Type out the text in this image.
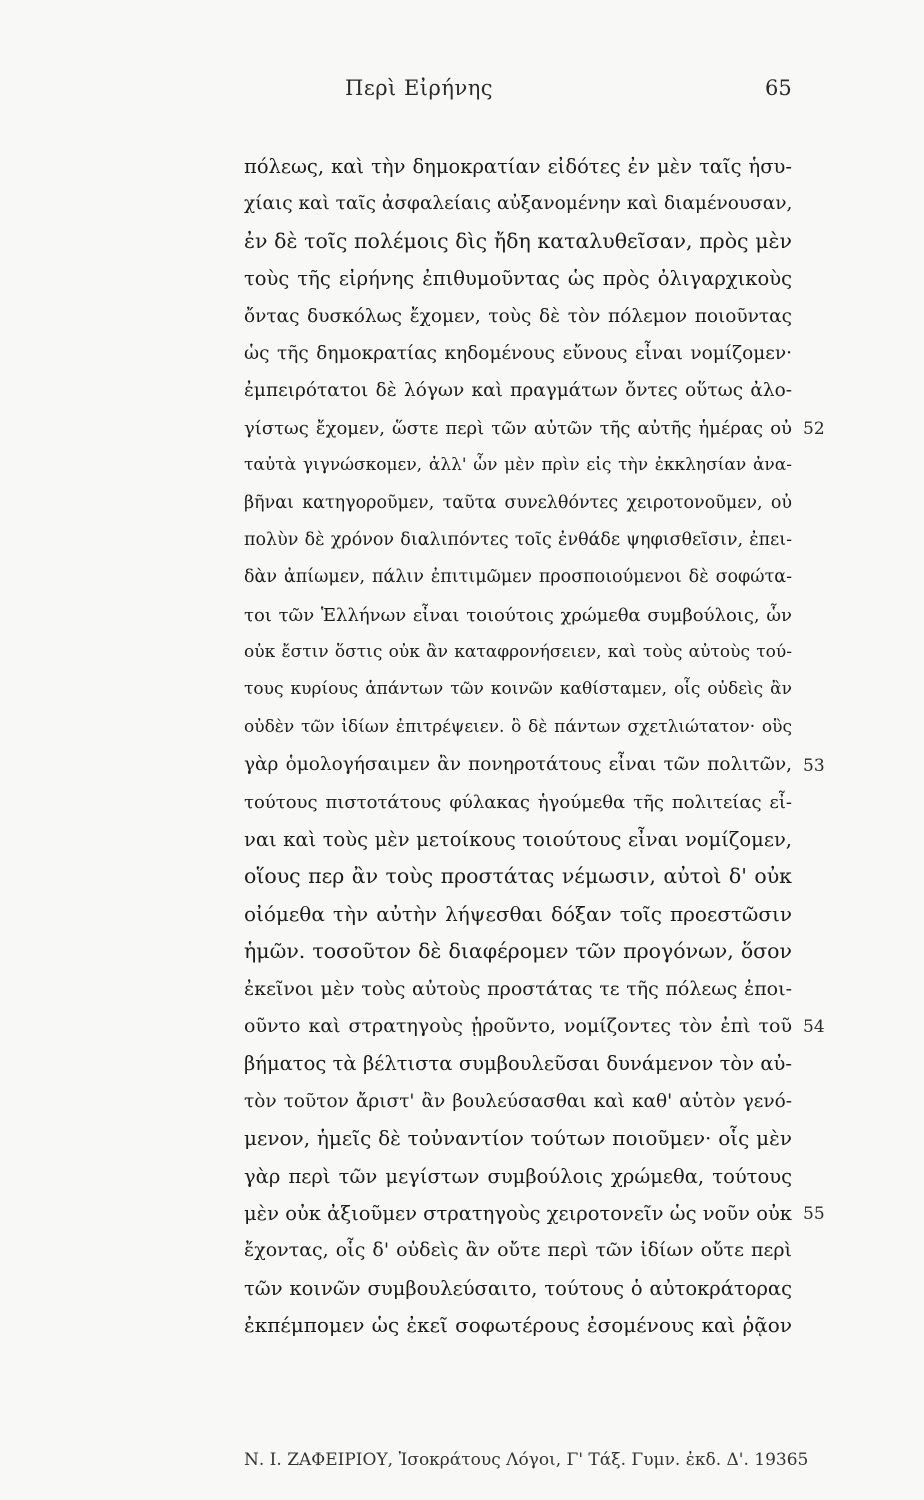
Περὶ Εἰρήνης	65
πόλεως, καὶ τὴν δημοκρατίαν εἰδότες ἐν μὲν ταῖς ἡσυ-
χίαις καὶ ταῖς ἀσφαλείαις αὐξανομένην καὶ διαμένουσαν,
ἐν δὲ τοῖς πολέμοις δὶς ἤδη καταλυθεῖσαν, πρὸς μὲν
τοὺς τῆς εἰρήνης ἐπιθυμοῦντας ὡς πρὸς ὀλιγαρχικοὺς
ὄντας δυσκόλως ἔχομεν, τοὺς δὲ τὸν πόλεμον ποιοῦντας
ὡς τῆς δημοκρατίας κηδομένους εὔνους εἶναι νομίζομεν·
ἐμπειρότατοι δὲ λόγων καὶ πραγμάτων ὄντες οὕτως ἀλο-
γίστως ἔχομεν, ὥστε περὶ τῶν αὐτῶν τῆς αὐτῆς ἡμέρας οὐ
ταὐτὰ γιγνώσκομεν, ἀλλ' ὧν μὲν πρὶν εἰς τὴν ἐκκλησίαν ἀνα-
βῆναι κατηγοροῦμεν, ταῦτα συνελθόντες χειροτονοῦμεν, οὐ
πολὺν δὲ χρόνον διαλιπόντες τοῖς ἐνθάδε ψηφισθεῖσιν, ἐπει-
δὰν ἀπίωμεν, πάλιν ἐπιτιμῶμεν προσποιούμενοι δὲ σοφώτα-
τοι τῶν Ἑλλήνων εἶναι τοιούτοις χρώμεθα συμβούλοις, ὧν
οὐκ ἔστιν ὅστις οὐκ ἂν καταφρονήσειεν, καὶ τοὺς αὐτοὺς τού-
τους κυρίους ἁπάντων τῶν κοινῶν καθίσταμεν, οἷς οὐδεὶς ἂν
οὐδὲν τῶν ἰδίων ἐπιτρέψειεν. ὃ δὲ πάντων σχετλιώτατον· οὓς
γὰρ ὁμολογήσαιμεν ἂν πονηροτάτους εἶναι τῶν πολιτῶν,
τούτους πιστοτάτους φύλακας ἡγούμεθα τῆς πολιτείας εἶ-
ναι καὶ τοὺς μὲν μετοίκους τοιούτους εἶναι νομίζομεν,
οἵους περ ἂν τοὺς προστάτας νέμωσιν, αὐτοὶ δ' οὐκ
οἰόμεθα τὴν αὐτὴν λήψεσθαι δόξαν τοῖς προεστῶσιν
ἡμῶν. τοσοῦτον δὲ διαφέρομεν τῶν προγόνων, ὅσον
ἐκεῖνοι μὲν τοὺς αὐτοὺς προστάτας τε τῆς πόλεως ἐποι-
οῦντο καὶ στρατηγοὺς ᾑροῦντο, νομίζοντες τὸν ἐπὶ τοῦ
βήματος τὰ βέλτιστα συμβουλεῦσαι δυνάμενον τὸν αὐ-
τὸν τοῦτον ἄριστ' ἂν βουλεύσασθαι καὶ καθ' αὑτὸν γενό-
μενον, ἡμεῖς δὲ τοὐναντίον τούτων ποιοῦμεν· οἷς μὲν
γὰρ περὶ τῶν μεγίστων συμβούλοις χρώμεθα, τούτους
μὲν οὐκ ἀξιοῦμεν στρατηγοὺς χειροτονεῖν ὡς νοῦν οὐκ
ἔχοντας, οἷς δ' οὐδεὶς ἂν οὔτε περὶ τῶν ἰδίων οὔτε περὶ
τῶν κοινῶν συμβουλεύσαιτο, τούτους ὁ αὐτοκράτορας
ἐκπέμπομεν ὡς ἐκεῖ σοφωτέρους ἐσομένους καὶ ῥᾷον
52
53
54
55
Ν. Ι. ΖΑΦΕΙΡΙΟΥ, Ἰσοκράτους Λόγοι, Γ' Τάξ. Γυμν. ἐκδ. Δ'. 1936 5
